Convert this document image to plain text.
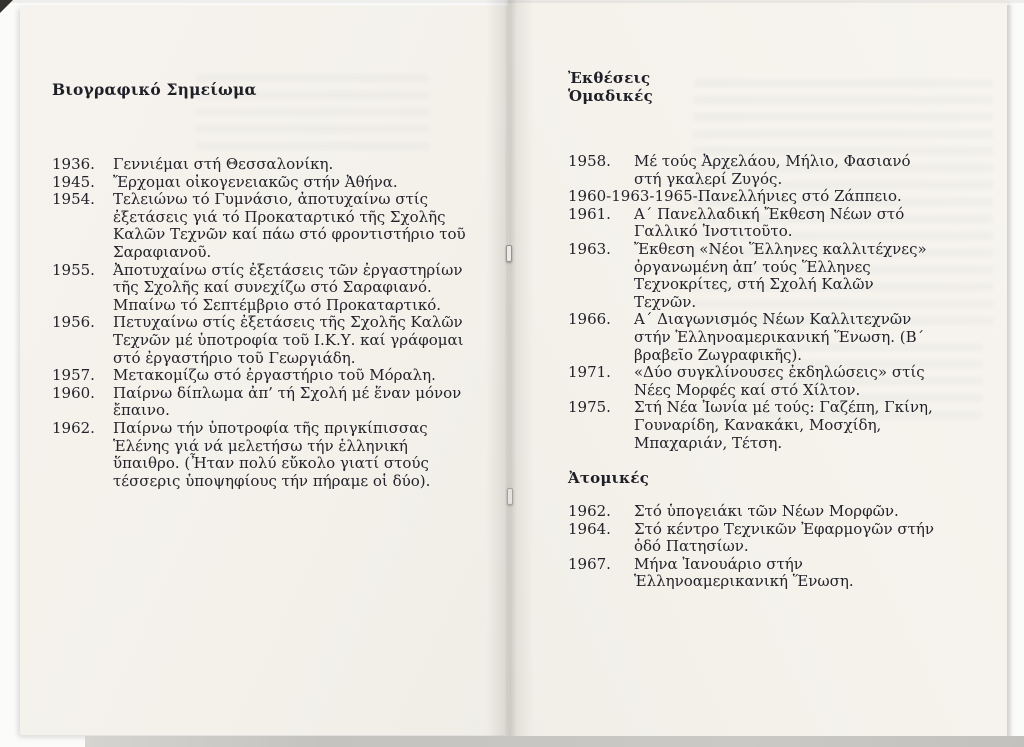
Βιογραφικό Σημείωμα
1936.	Γεννιέμαι στή Θεσσαλονίκη.
1945.	Ἔρχομαι οἰκογενειακῶς στήν Ἀθήνα.
1954.	Τελειώνω τό Γυμνάσιο, ἀποτυχαίνω στίς ἐξετάσεις γιά τό Προκαταρτικό τῆς Σχολῆς Καλῶν Τεχνῶν καί πάω στό φροντιστήριο τοῦ Σαραφιανοῦ.
1955.	Ἀποτυχαίνω στίς ἐξετάσεις τῶν ἐργαστηρίων τῆς Σχολῆς καί συνεχίζω στό Σαραφιανό. Μπαίνω τό Σεπτέμβριο στό Προκαταρτικό.
1956.	Πετυχαίνω στίς ἐξετάσεις τῆς Σχολῆς Καλῶν Τεχνῶν μέ ὑποτροφία τοῦ Ι.Κ.Υ. καί γράφομαι στό ἐργαστήριο τοῦ Γεωργιάδη.
1957.	Μετακομίζω στό ἐργαστήριο τοῦ Μόραλη.
1960.	Παίρνω δίπλωμα ἀπ’ τή Σχολή μέ ἕναν μόνον ἔπαινο.
1962.	Παίρνω τήν ὑποτροφία τῆς πριγκίπισσας Ἑλένης γιά νά μελετήσω τήν ἑλληνική ὕπαιθρο. (Ἦταν πολύ εὔκολο γιατί στούς τέσσερις ὑποψηφίους τήν πήραμε οἱ δύο).
Ἐκθέσεις
Ὁμαδικές
1958.	Μέ τούς Ἀρχελάου, Μήλιο, Φασιανό στή γκαλερί Ζυγός.
1960-1963-1965-Πανελλήνιες στό Ζάππειο.
1961.	Α´ Πανελλαδική Ἔκθεση Νέων στό Γαλλικό Ἰνστιτοῦτο.
1963.	Ἔκθεση «Νέοι Ἕλληνες καλλιτέχνες» ὀργανωμένη ἀπ’ τούς Ἕλληνες Τεχνοκρίτες, στή Σχολή Καλῶν Τεχνῶν.
1966.	Α´ Διαγωνισμός Νέων Καλλιτεχνῶν στήν Ἑλληνοαμερικανική Ἕνωση. (Β´ βραβεῖο Ζωγραφικῆς).
1971.	«Δύο συγκλίνουσες ἐκδηλώσεις» στίς Νέες Μορφές καί στό Χίλτον.
1975.	Στή Νέα Ἰωνία μέ τούς: Γαζέπη, Γκίνη, Γουναρίδη, Κανακάκι, Μοσχίδη, Μπαχαριάν, Τέτση.
Ἀτομικές
1962.	Στό ὑπογειάκι τῶν Νέων Μορφῶν.
1964.	Στό κέντρο Τεχνικῶν Ἐφαρμογῶν στήν ὁδό Πατησίων.
1967.	Μήνα Ἰανουάριο στήν Ἑλληνοαμερικανική Ἕνωση.
